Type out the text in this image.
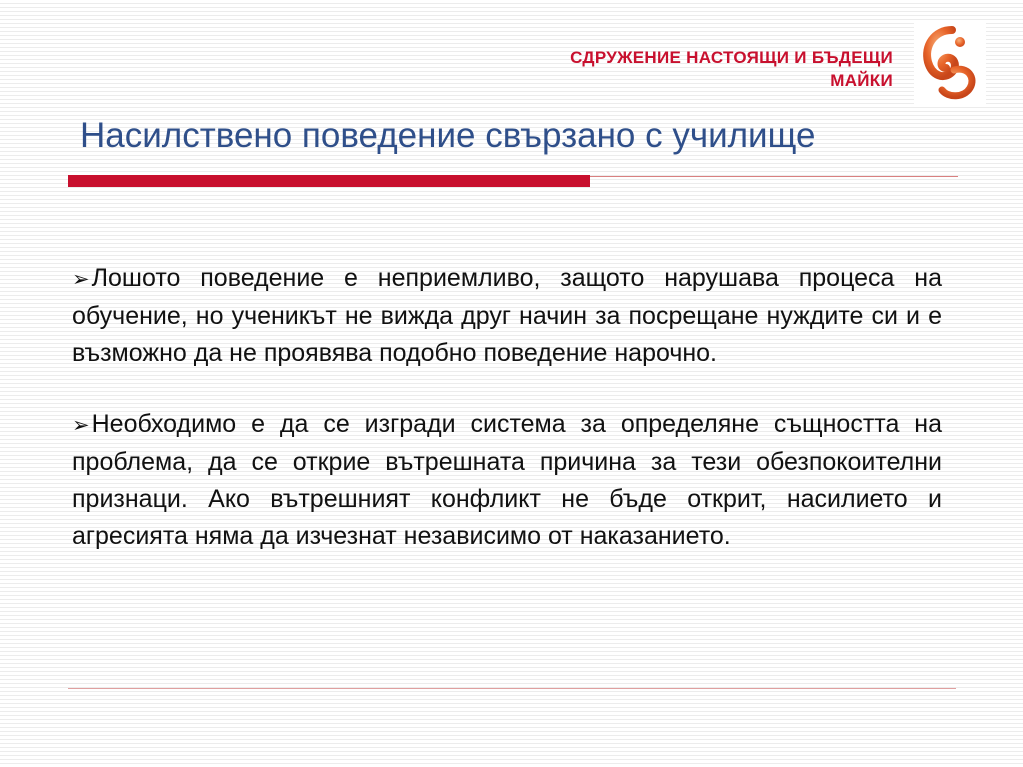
СДРУЖЕНИЕ НАСТОЯЩИ И БЪДЕЩИ
МАЙКИ
Насилствено поведение свързано с училище

➢Лошото поведение е неприемливо, защото нарушава процеса на обучение, но ученикът не вижда друг начин за посрещане нуждите си и е възможно да не проявява подобно поведение нарочно.

➢Необходимо е да се изгради система за определяне същността на проблема, да се открие вътрешната причина за тези обезпокоителни признаци. Ако вътрешният конфликт не бъде открит, насилието и агресията няма да изчезнат независимо от наказанието.
